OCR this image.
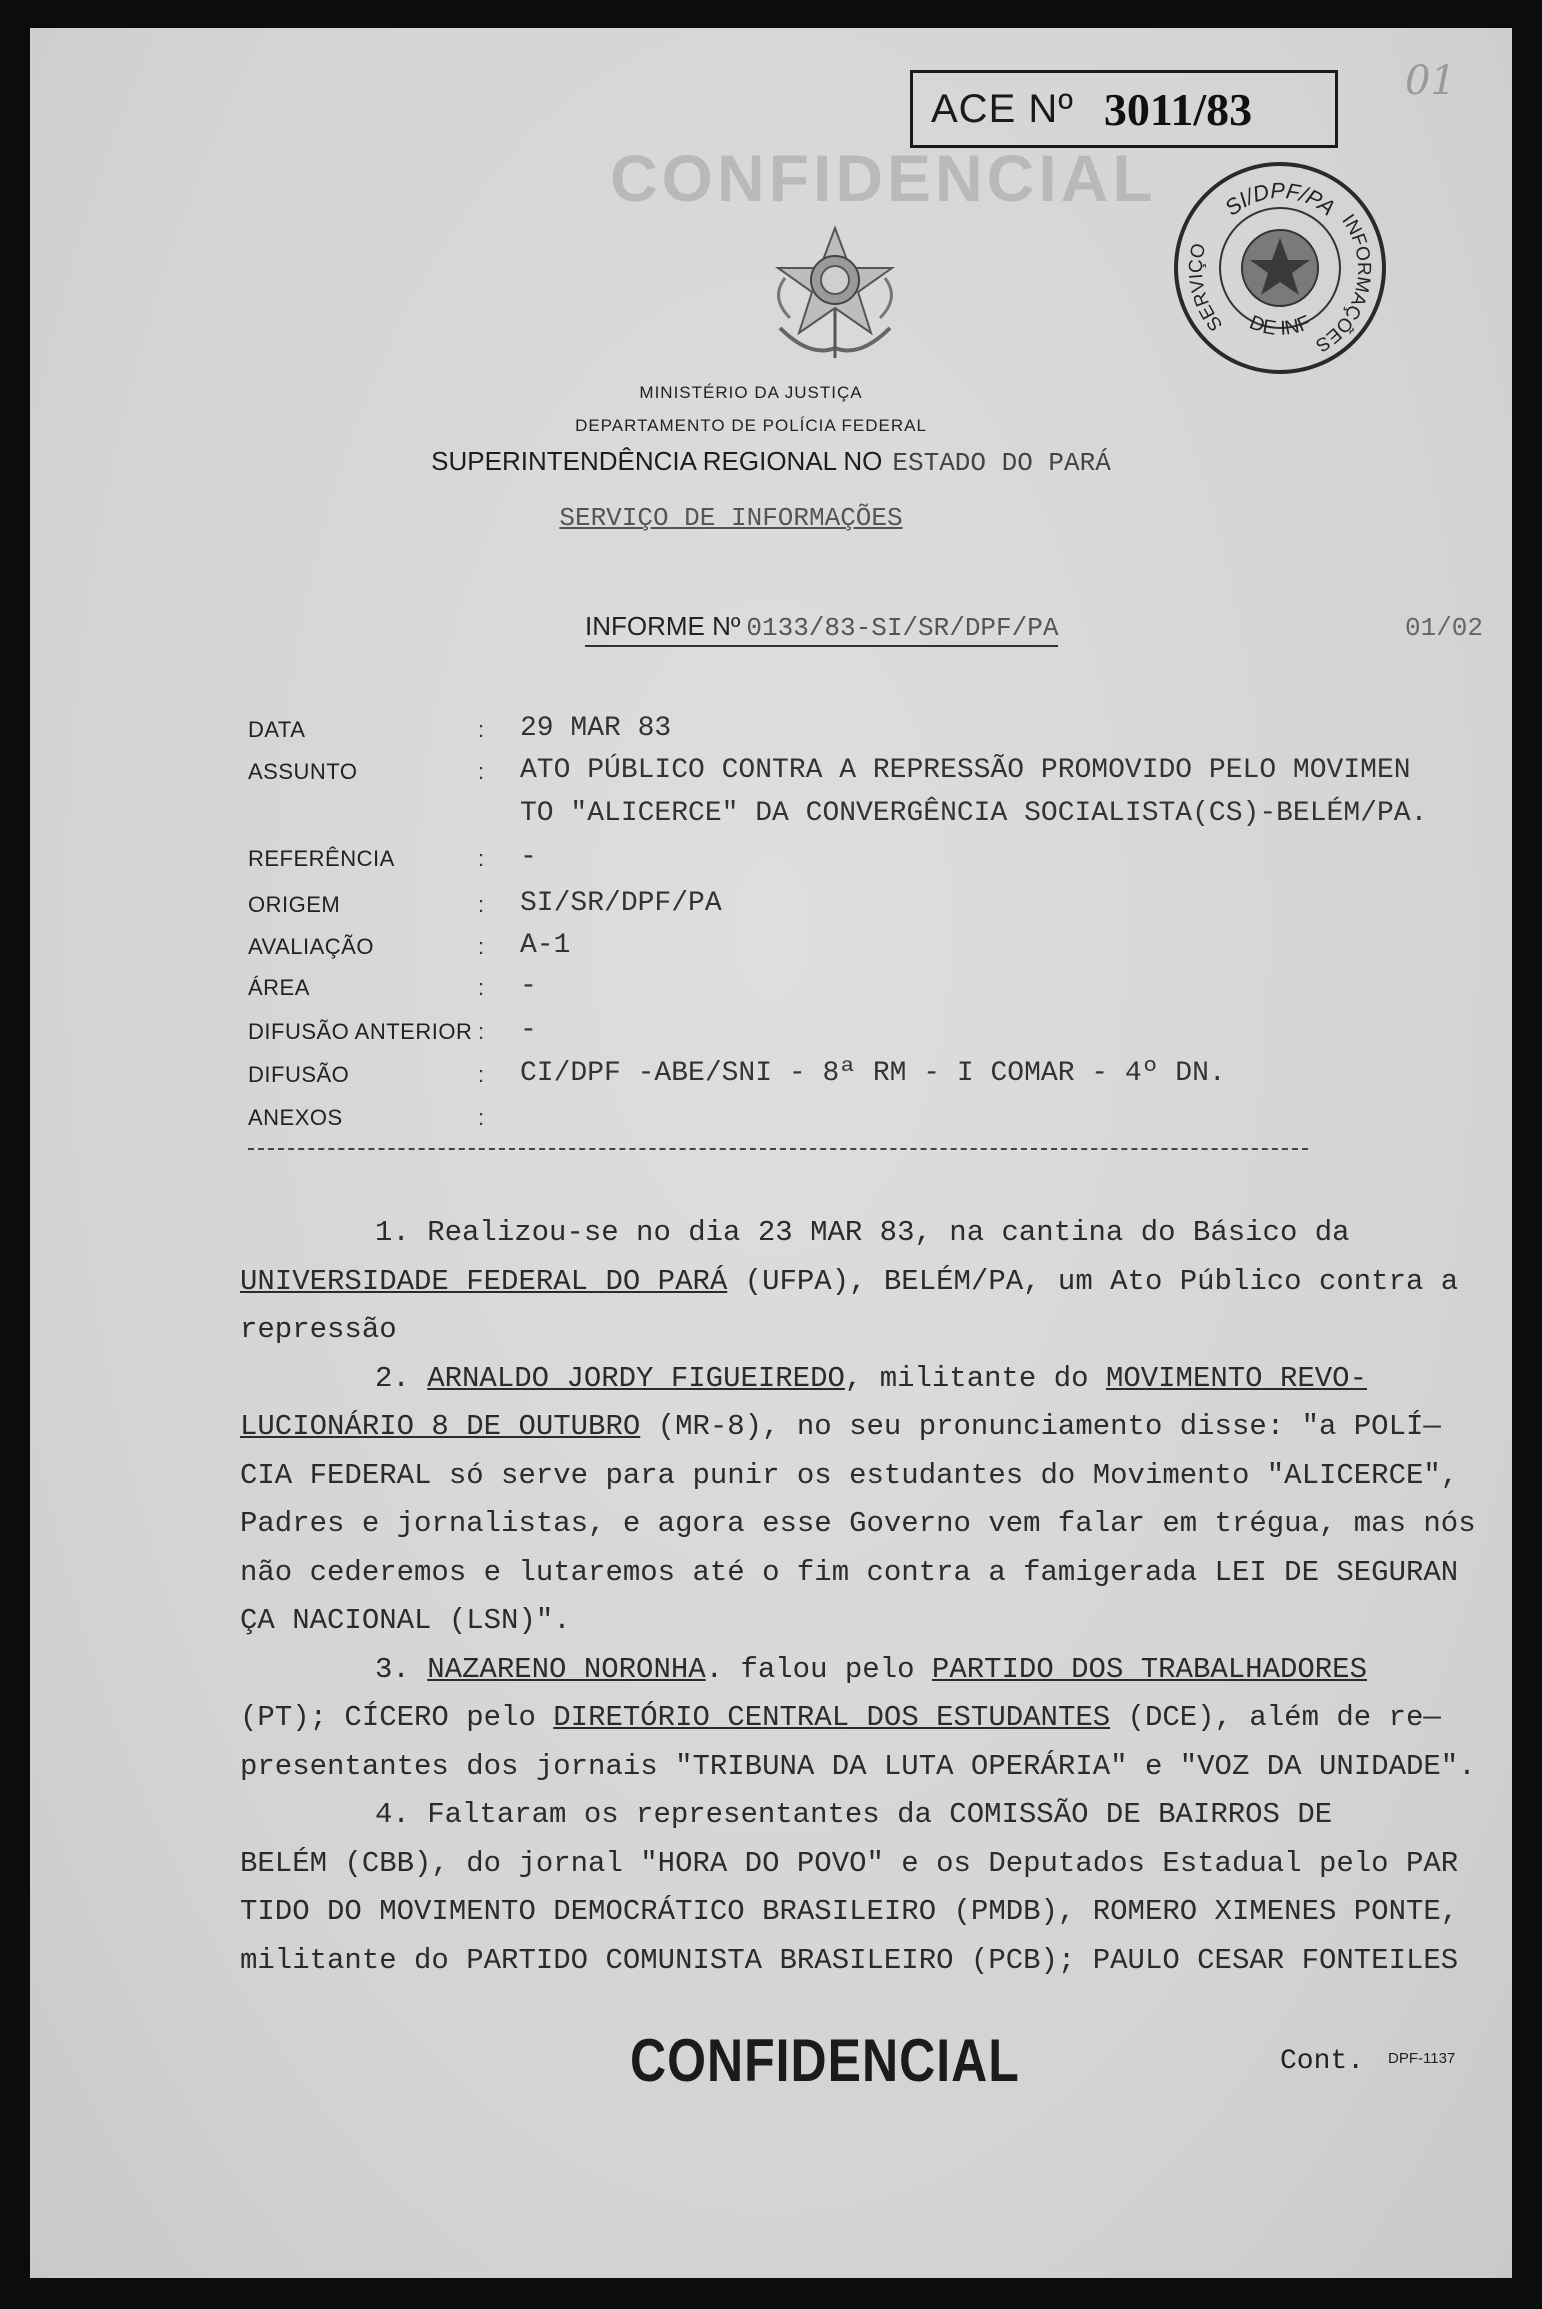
01
ACE Nº 3011/83
CONFIDENCIAL	SI/DPF/PA
SERVIÇO
INFORMAÇÕES
DE INF
MINISTÉRIO DA JUSTIÇA
DEPARTAMENTO DE POLÍCIA FEDERAL
SUPERINTENDÊNCIA REGIONAL NO ESTADO DO PARÁ
SERVIÇO DE INFORMAÇÕES
INFORME Nº 0133/83-SI/SR/DPF/PA	01/02
DATA	: 29 MAR 83
ASSUNTO	: ATO PÚBLICO CONTRA A REPRESSÃO PROMOVIDO PELO MOVIMEN
TO "ALICERCE" DA CONVERGÊNCIA SOCIALISTA(CS)-BELÉM/PA.
REFERÊNCIA	: -
ORIGEM	: SI/SR/DPF/PA
AVALIAÇÃO	: A-1
ÁREA	: -
DIFUSÃO ANTERIOR : -
DIFUSÃO	: CI/DPF -ABE/SNI - 8ª RM - I COMAR - 4º DN.
ANEXOS	:
1. Realizou-se no dia 23 MAR 83, na cantina do Básico da
UNIVERSIDADE FEDERAL DO PARÁ (UFPA), BELÉM/PA, um Ato Público contra a
repressão
2. ARNALDO JORDY FIGUEIREDO, militante do MOVIMENTO REVO-
LUCIONÁRIO 8 DE OUTUBRO (MR-8), no seu pronunciamento disse: "a POLÍ—
CIA FEDERAL só serve para punir os estudantes do Movimento "ALICERCE",
Padres e jornalistas, e agora esse Governo vem falar em trégua, mas nós
não cederemos e lutaremos até o fim contra a famigerada LEI DE SEGURAN
ÇA NACIONAL (LSN)".
3. NAZARENO NORONHA. falou pelo PARTIDO DOS TRABALHADORES
(PT); CÍCERO pelo DIRETÓRIO CENTRAL DOS ESTUDANTES (DCE), além de re—
presentantes dos jornais "TRIBUNA DA LUTA OPERÁRIA" e "VOZ DA UNIDADE".
4. Faltaram os representantes da COMISSÃO DE BAIRROS DE
BELÉM (CBB), do jornal "HORA DO POVO" e os Deputados Estadual pelo PAR
TIDO DO MOVIMENTO DEMOCRÁTICO BRASILEIRO (PMDB), ROMERO XIMENES PONTE,
militante do PARTIDO COMUNISTA BRASILEIRO (PCB); PAULO CESAR FONTEILES
CONFIDENCIAL	Cont. DPF-1137
